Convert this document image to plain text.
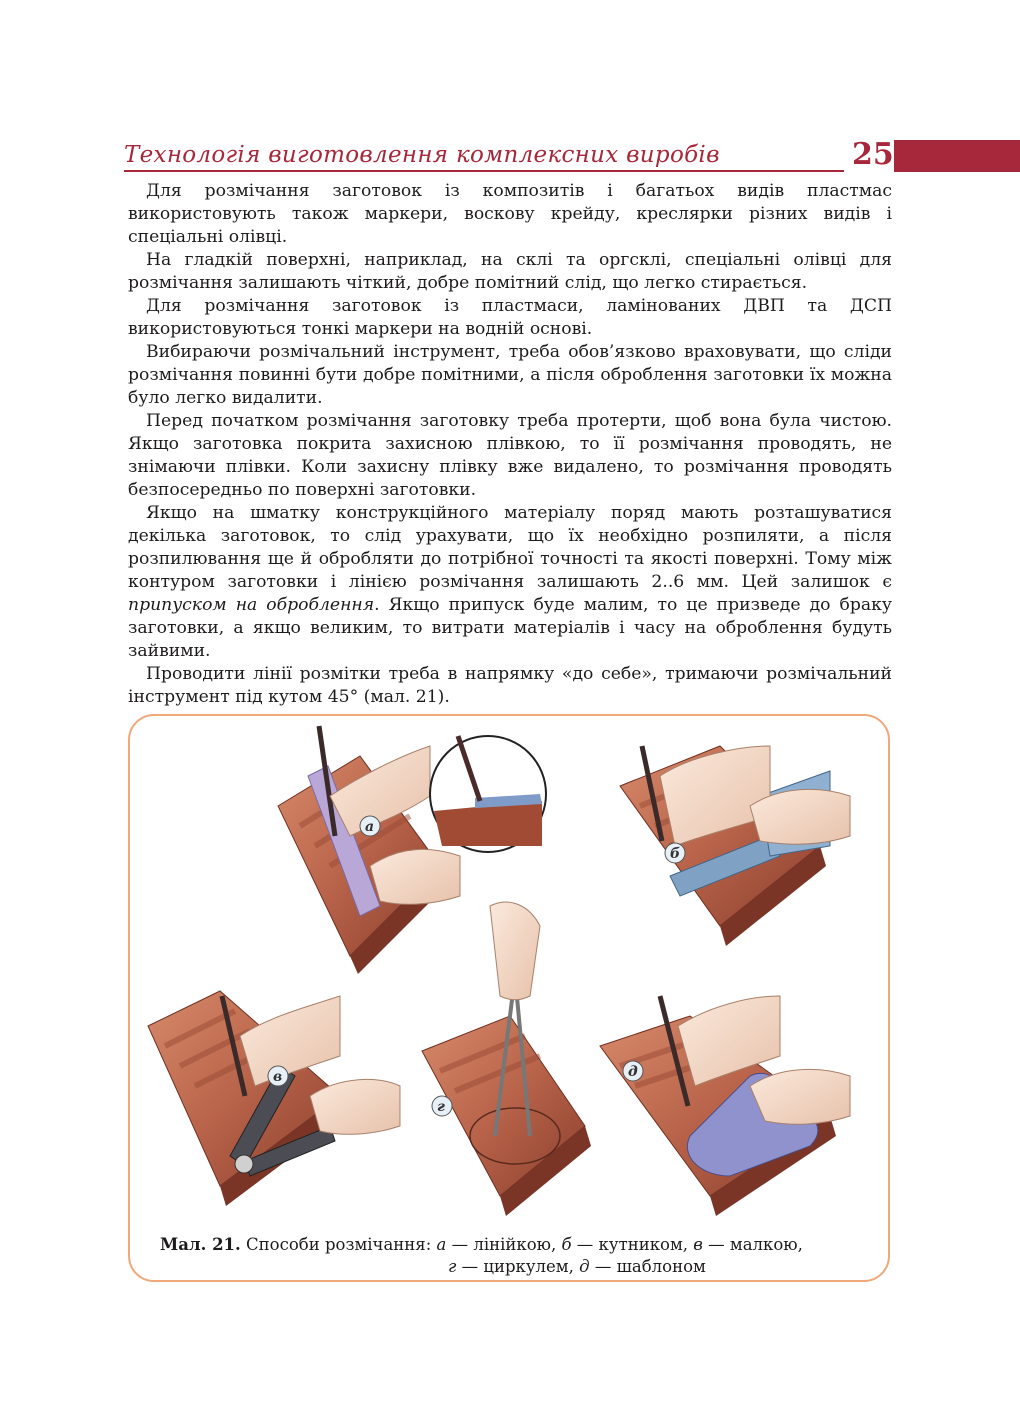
Технологія виготовлення комплексних виробів	25

Для розмічання заготовок із композитів і багатьох видів пластмас використовують також маркери, воскову крейду, креслярки різних видів і спеціальні олівці.

На гладкій поверхні, наприклад, на склі та оргсклі, спеціальні олівці для розмічання залишають чіткий, добре помітний слід, що легко стирається.

Для розмічання заготовок із пластмаси, ламінованих ДВП та ДСП використовуються тонкі маркери на водній основі.

Вибираючи розмічальний інструмент, треба обов’язково враховувати, що сліди розмічання повинні бути добре помітними, а після оброблення заготовки їх можна було легко видалити.

Перед початком розмічання заготовку треба протерти, щоб вона була чистою. Якщо заготовка покрита захисною плівкою, то її розмічання проводять, не знімаючи плівки. Коли захисну плівку вже видалено, то розмічання проводять безпосередньо по поверхні заготовки.

Якщо на шматку конструкційного матеріалу поряд мають розташуватися декілька заготовок, то слід урахувати, що їх необхідно розпиляти, а після розпилювання ще й обробляти до потрібної точності та якості поверхні. Тому між контуром заготовки і лінією розмічання залишають 2..6 мм. Цей залишок є припуском на оброблення. Якщо припуск буде малим, то це призведе до браку заготовки, а якщо великим, то витрати матеріалів і часу на оброблення будуть зайвими.

Проводити лінії розмітки треба в напрямку «до себе», тримаючи розмічальний інструмент під кутом 45° (мал. 21).

а
б
в
г
д
Мал. 21. Способи розмічання: а — лінійкою, б — кутником, в — малкою,
г — циркулем, д — шаблоном
